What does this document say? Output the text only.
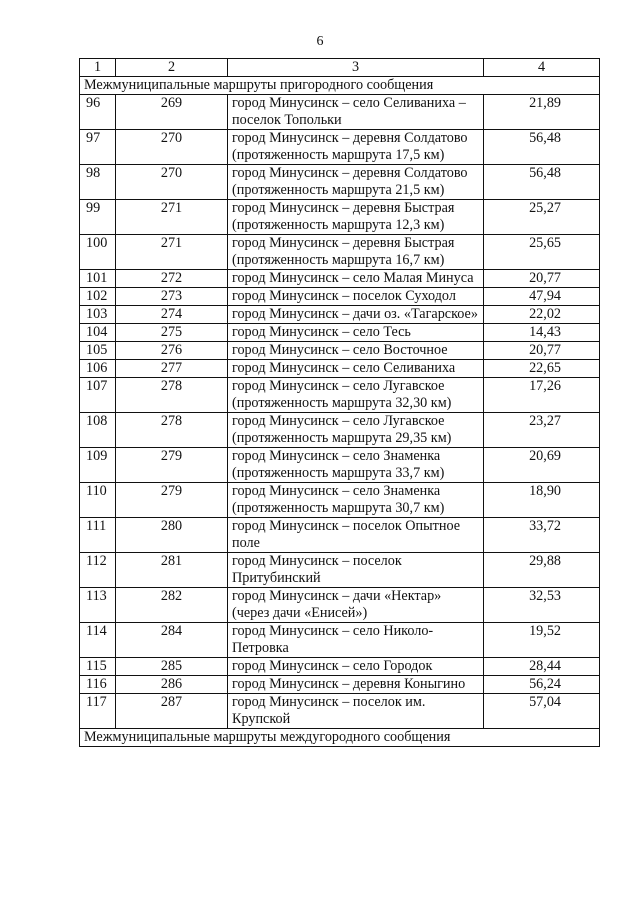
6
1	2	3	4
Межмуниципальные маршруты пригородного сообщения			
96	269	город Минусинск – село Селиваниха – поселок Топольки	21,89
97	270	город Минусинск – деревня Солдатово (протяженность маршрута 17,5 км)	56,48
98	270	город Минусинск – деревня Солдатово (протяженность маршрута 21,5 км)	56,48
99	271	город Минусинск – деревня Быстрая (протяженность маршрута 12,3 км)	25,27
100	271	город Минусинск – деревня Быстрая (протяженность маршрута 16,7 км)	25,65
101	272	город Минусинск – село Малая Минуса	20,77
102	273	город Минусинск – поселок Суходол	47,94
103	274	город Минусинск – дачи оз. «Тагарское»	22,02
104	275	город Минусинск – село Тесь	14,43
105	276	город Минусинск – село Восточное	20,77
106	277	город Минусинск – село Селиваниха	22,65
107	278	город Минусинск – село Лугавское (протяженность маршрута 32,30 км)	17,26
108	278	город Минусинск – село Лугавское (протяженность маршрута 29,35 км)	23,27
109	279	город Минусинск – село Знаменка (протяженность маршрута 33,7 км)	20,69
110	279	город Минусинск – село Знаменка (протяженность маршрута 30,7 км)	18,90
111	280	город Минусинск – поселок Опытное поле	33,72
112	281	город Минусинск – поселок Притубинский	29,88
113	282	город Минусинск – дачи «Нектар» (через дачи «Енисей»)	32,53
114	284	город Минусинск – село Николо-Петровка	19,52
115	285	город Минусинск – село Городок	28,44
116	286	город Минусинск – деревня Коныгино	56,24
117	287	город Минусинск – поселок им. Крупской	57,04
Межмуниципальные маршруты междугородного сообщения			
